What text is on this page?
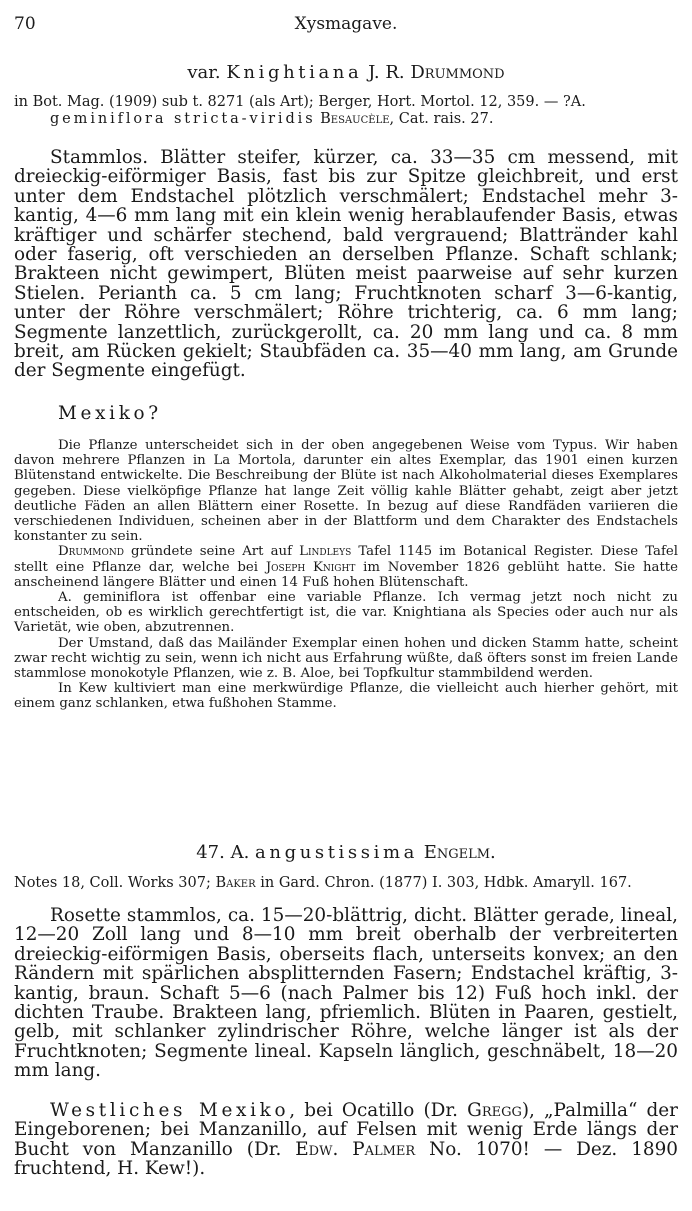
70	Xysmagave.
var. Knightiana J. R. Drummond
in Bot. Mag. (1909) sub t. 8271 (als Art); Berger, Hort. Mortol. 12, 359. — ?A.
geminiflora stricta-viridis Besaucèle, Cat. rais. 27.

Stammlos. Blätter steifer, kürzer, ca. 33—35 cm messend, mit dreieckig-eiförmiger Basis, fast bis zur Spitze gleichbreit, und erst unter dem Endstachel plötzlich verschmälert; Endstachel mehr 3-kantig, 4—6 mm lang mit ein klein wenig herablaufender Basis, etwas kräftiger und schärfer stechend, bald vergrauend; Blattränder kahl oder faserig, oft verschieden an derselben Pflanze. Schaft schlank; Brakteen nicht gewimpert, Blüten meist paarweise auf sehr kurzen Stielen. Perianth ca. 5 cm lang; Fruchtknoten scharf 3—6-kantig, unter der Röhre verschmälert; Röhre trichterig, ca. 6 mm lang; Segmente lanzettlich, zurückgerollt, ca. 20 mm lang und ca. 8 mm breit, am Rücken gekielt; Staubfäden ca. 35—40 mm lang, am Grunde der Segmente eingefügt.

Mexiko?

Die Pflanze unterscheidet sich in der oben angegebenen Weise vom Typus. Wir haben davon mehrere Pflanzen in La Mortola, darunter ein altes Exemplar, das 1901 einen kurzen Blütenstand entwickelte. Die Beschreibung der Blüte ist nach Alkoholmaterial dieses Exemplares gegeben. Diese vielköpfige Pflanze hat lange Zeit völlig kahle Blätter gehabt, zeigt aber jetzt deutliche Fäden an allen Blättern einer Rosette. In bezug auf diese Randfäden variieren die verschiedenen Individuen, scheinen aber in der Blattform und dem Charakter des Endstachels konstanter zu sein.

Drummond gründete seine Art auf Lindleys Tafel 1145 im Botanical Register. Diese Tafel stellt eine Pflanze dar, welche bei Joseph Knight im November 1826 geblüht hatte. Sie hatte anscheinend längere Blätter und einen 14 Fuß hohen Blütenschaft.

A. geminiflora ist offenbar eine variable Pflanze. Ich vermag jetzt noch nicht zu entscheiden, ob es wirklich gerechtfertigt ist, die var. Knightiana als Species oder auch nur als Varietät, wie oben, abzutrennen.

Der Umstand, daß das Mailänder Exemplar einen hohen und dicken Stamm hatte, scheint zwar recht wichtig zu sein, wenn ich nicht aus Erfahrung wüßte, daß öfters sonst im freien Lande stammlose monokotyle Pflanzen, wie z. B. Aloe, bei Topfkultur stammbildend werden.

In Kew kultiviert man eine merkwürdige Pflanze, die vielleicht auch hierher gehört, mit einem ganz schlanken, etwa fußhohen Stamme.

47. A. angustissima Engelm.
Notes 18, Coll. Works 307; Baker in Gard. Chron. (1877) I. 303, Hdbk. Amaryll. 167.

Rosette stammlos, ca. 15—20-blättrig, dicht. Blätter gerade, lineal, 12—20 Zoll lang und 8—10 mm breit oberhalb der verbreiterten dreieckig-eiförmigen Basis, oberseits flach, unterseits konvex; an den Rändern mit spärlichen absplitternden Fasern; Endstachel kräftig, 3-kantig, braun. Schaft 5—6 (nach Palmer bis 12) Fuß hoch inkl. der dichten Traube. Brakteen lang, pfriemlich. Blüten in Paaren, gestielt, gelb, mit schlanker zylindrischer Röhre, welche länger ist als der Fruchtknoten; Segmente lineal. Kapseln länglich, geschnäbelt, 18—20 mm lang.

Westliches Mexiko, bei Ocatillo (Dr. Gregg), „Palmilla“ der Eingeborenen; bei Manzanillo, auf Felsen mit wenig Erde längs der Bucht von Manzanillo (Dr. Edw. Palmer No. 1070! — Dez. 1890 fruchtend, H. Kew!).
